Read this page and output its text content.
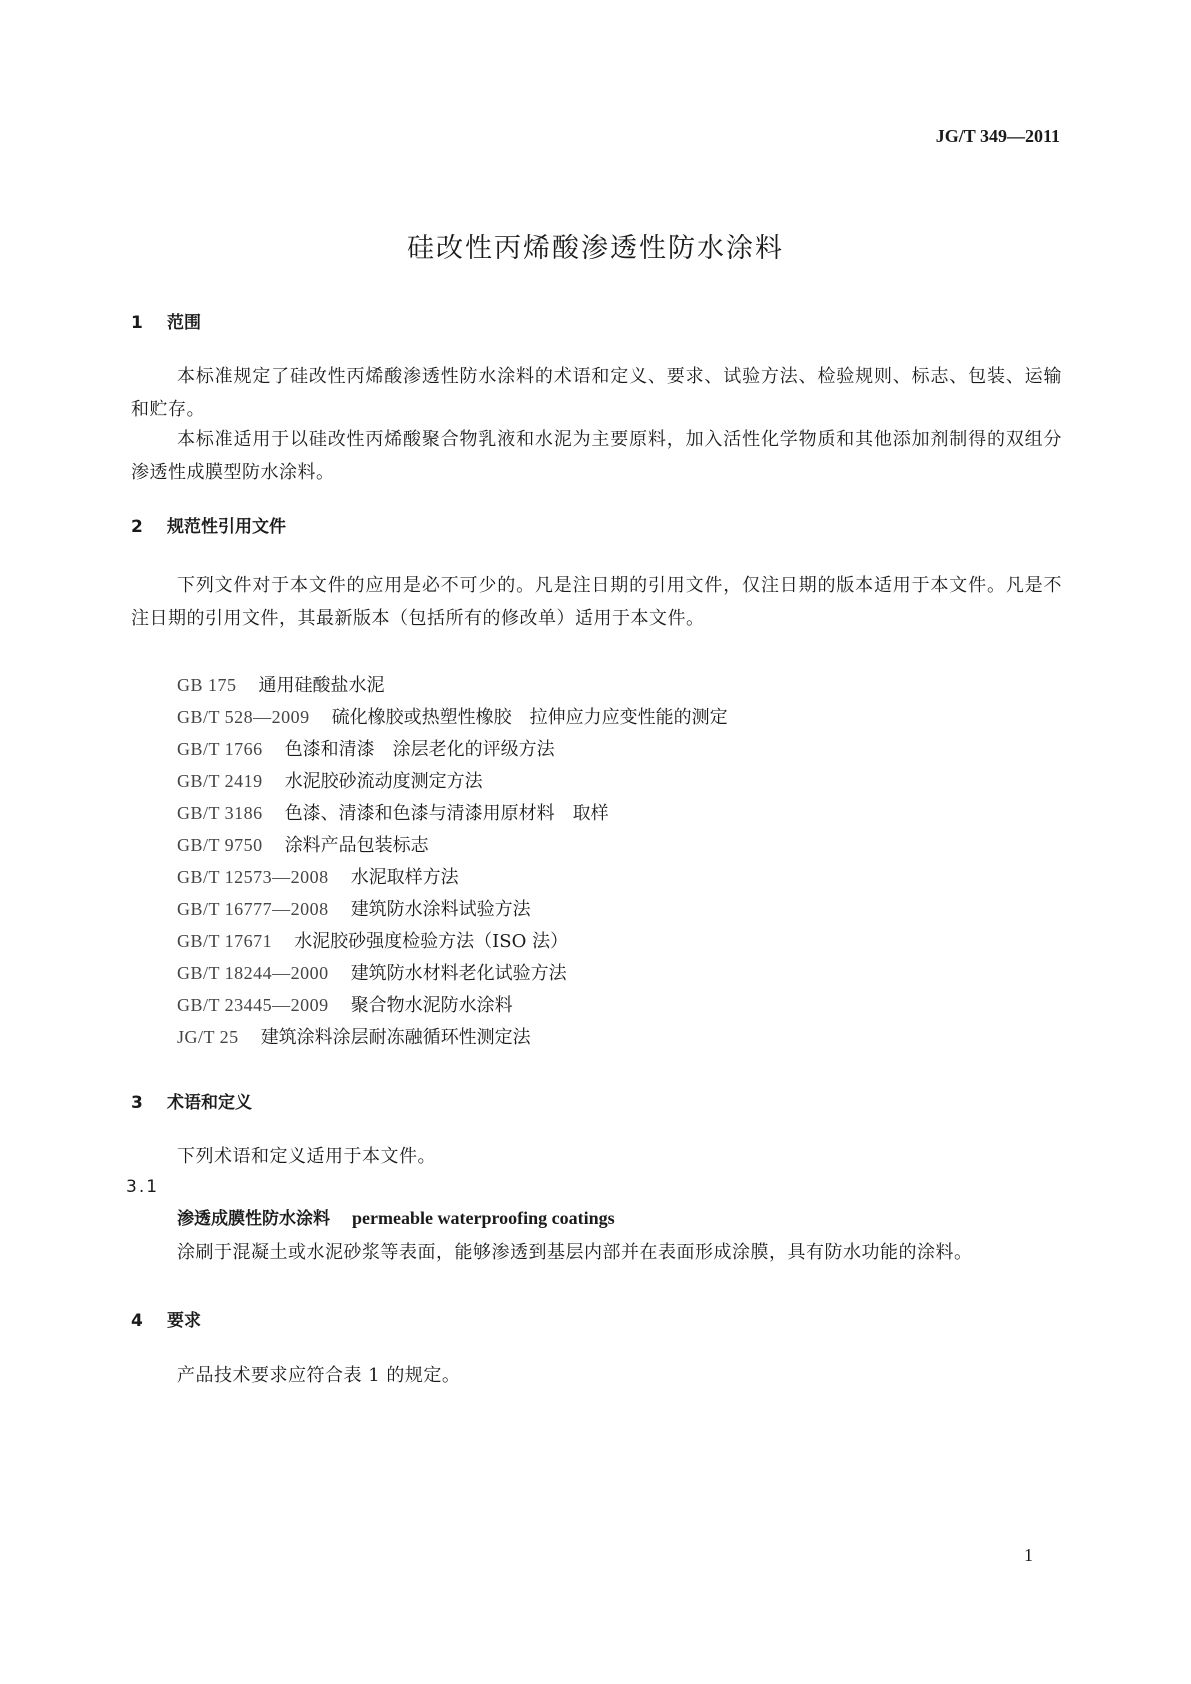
JG/T 349—2011
硅改性丙烯酸渗透性防水涂料
1 范围
本标准规定了硅改性丙烯酸渗透性防水涂料的术语和定义、要求、试验方法、检验规则、标志、包装、运输和贮存。
本标准适用于以硅改性丙烯酸聚合物乳液和水泥为主要原料，加入活性化学物质和其他添加剂制得的双组分渗透性成膜型防水涂料。
2 规范性引用文件
下列文件对于本文件的应用是必不可少的。凡是注日期的引用文件，仅注日期的版本适用于本文件。凡是不注日期的引用文件，其最新版本（包括所有的修改单）适用于本文件。
GB 175 通用硅酸盐水泥
GB/T 528—2009 硫化橡胶或热塑性橡胶　拉伸应力应变性能的测定
GB/T 1766 色漆和清漆　涂层老化的评级方法
GB/T 2419 水泥胶砂流动度测定方法
GB/T 3186 色漆、清漆和色漆与清漆用原材料　取样
GB/T 9750 涂料产品包装标志
GB/T 12573—2008 水泥取样方法
GB/T 16777—2008 建筑防水涂料试验方法
GB/T 17671 水泥胶砂强度检验方法（ISO 法）
GB/T 18244—2000 建筑防水材料老化试验方法
GB/T 23445—2009 聚合物水泥防水涂料
JG/T 25 建筑涂料涂层耐冻融循环性测定法
3 术语和定义
下列术语和定义适用于本文件。
3.1
渗透成膜性防水涂料 permeable waterproofing coatings
涂刷于混凝土或水泥砂浆等表面，能够渗透到基层内部并在表面形成涂膜，具有防水功能的涂料。
4 要求
产品技术要求应符合表 1 的规定。
1
